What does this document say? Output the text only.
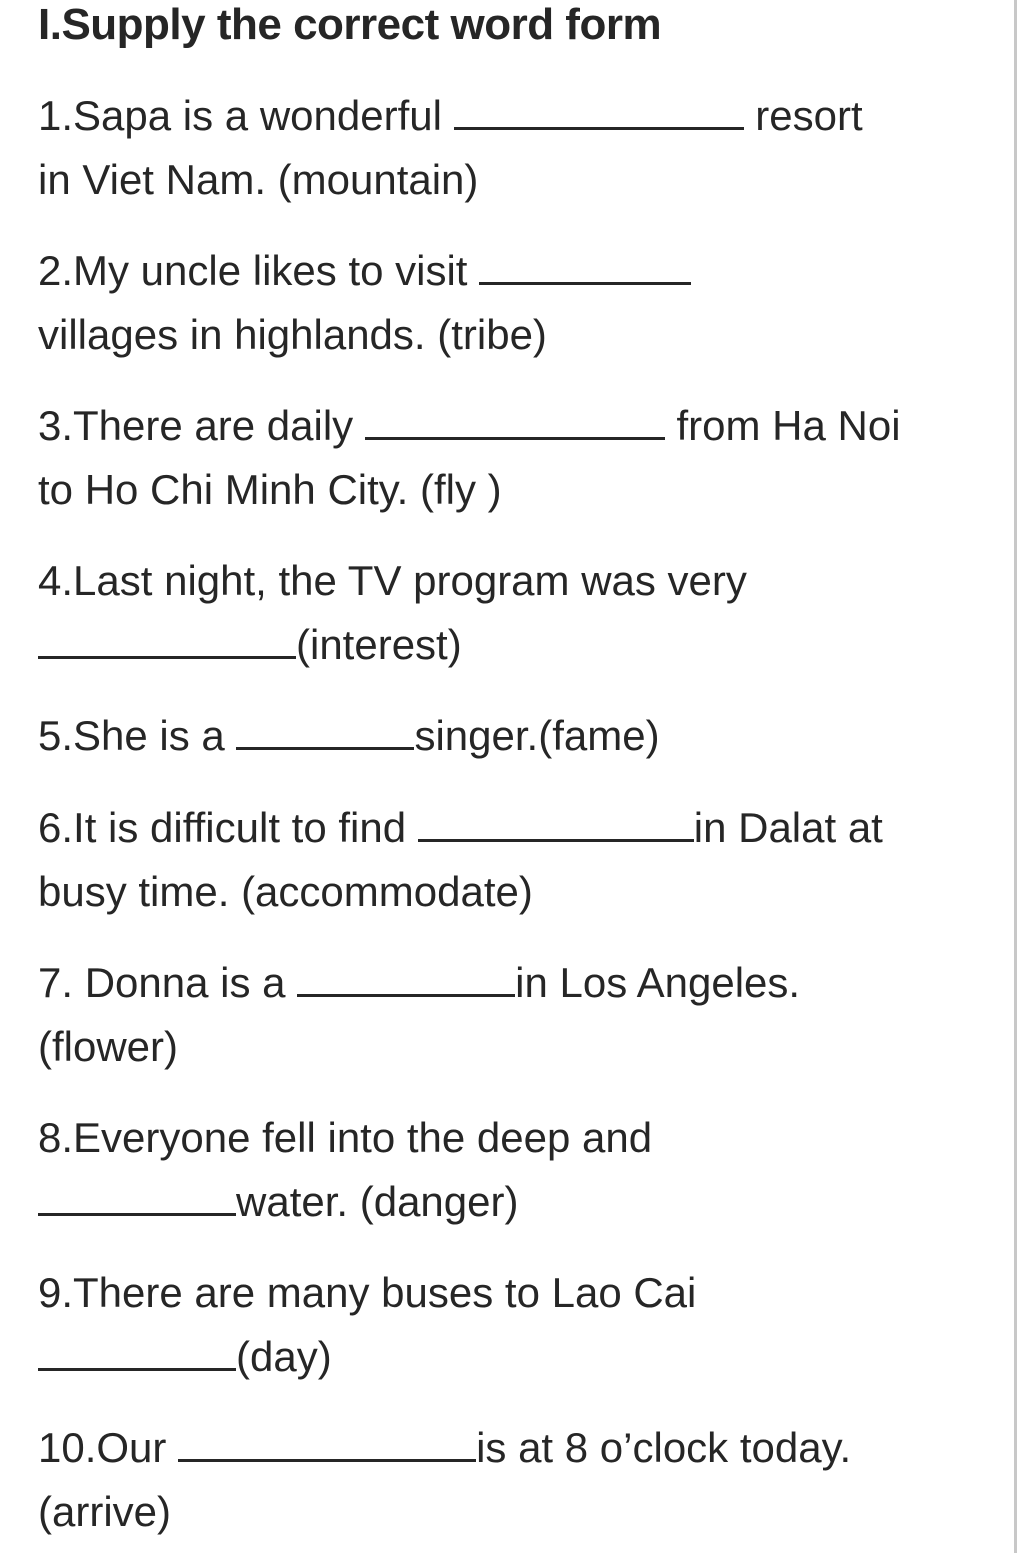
I.Supply the correct word form
1.Sapa is a wonderful	resort
in Viet Nam. (mountain)
2.My uncle likes to visit
villages in highlands. (tribe)
3.There are daily	from Ha Noi
to Ho Chi Minh City. (fly )
4.Last night, the TV program was very
(interest)
5.She is a	singer.(fame)
6.It is difficult to find	in Dalat at
busy time. (accommodate)
7. Donna is a	in Los Angeles.
(flower)
8.Everyone fell into the deep and
water. (danger)
9.There are many buses to Lao Cai
(day)
10.Our	is at 8 o’clock today.
(arrive)
